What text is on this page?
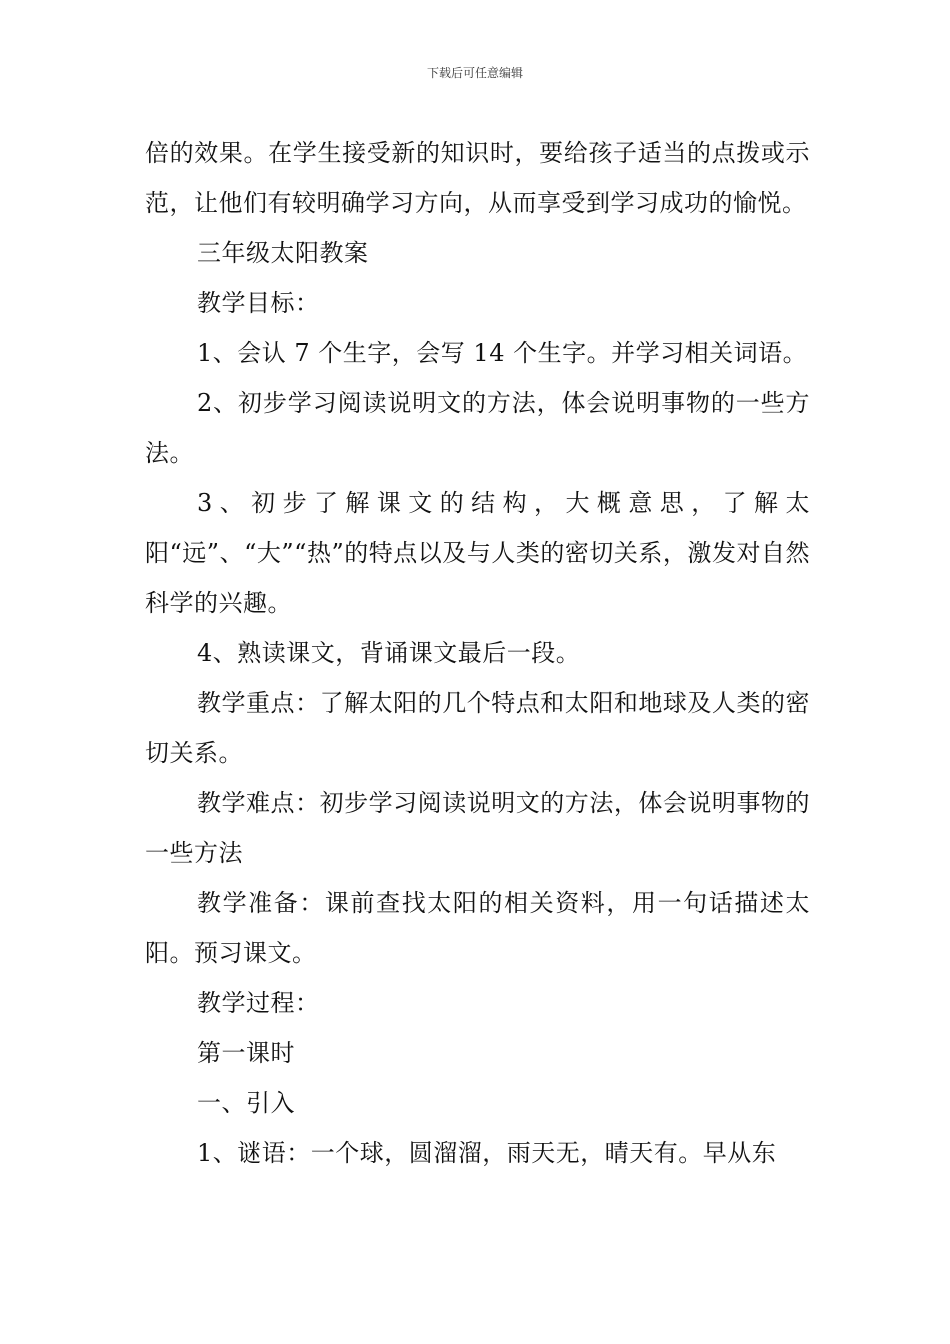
下载后可任意编辑

倍的效果。在学生接受新的知识时，要给孩子适当的点拨或示范，让他们有较明确学习方向，从而享受到学习成功的愉悦。

三年级太阳教案

教学目标：

1、会认 7 个生字，会写 14 个生字。并学习相关词语。

2、初步学习阅读说明文的方法，体会说明事物的一些方法。

3、初步了解课文的结构，大概意思，了解太阳“远”、“大”“热”的特点以及与人类的密切关系，激发对自然科学的兴趣。

4、熟读课文，背诵课文最后一段。

教学重点：了解太阳的几个特点和太阳和地球及人类的密切关系。

教学难点：初步学习阅读说明文的方法，体会说明事物的一些方法

教学准备：课前查找太阳的相关资料，用一句话描述太阳。预习课文。

教学过程：

第一课时

一、引入

1、谜语：一个球，圆溜溜，雨天无，晴天有。早从东
